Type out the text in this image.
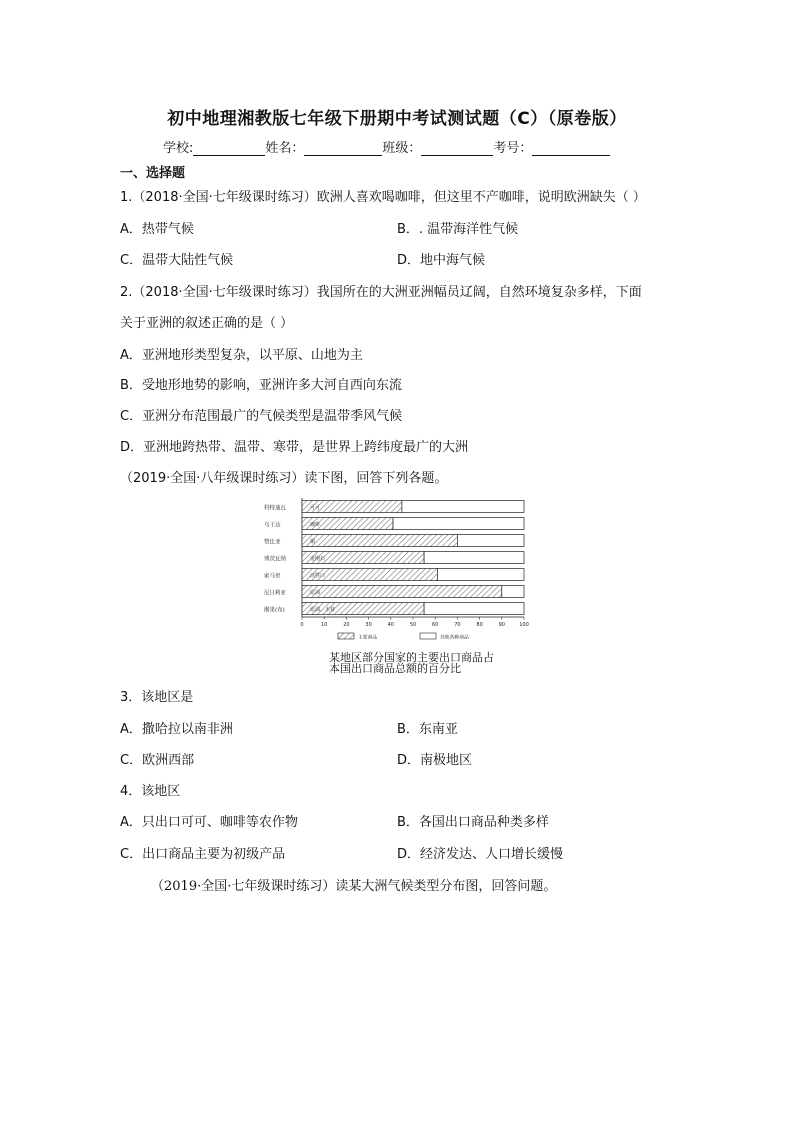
初中地理湘教版七年级下册期中考试测试题（C）（原卷版）
学校:	姓名：	班级：	考号：
一、选择题
1.（2018·全国·七年级课时练习）欧洲人喜欢喝咖啡，但这里不产咖啡，说明欧洲缺失（ ）
A．热带气候	B．. 温带海洋性气候
C．温带大陆性气候	D．地中海气候
2.（2018·全国·七年级课时练习）我国所在的大洲亚洲幅员辽阔，自然环境复杂多样，下面
关于亚洲的叙述正确的是（ ）
A．亚洲地形类型复杂，以平原、山地为主
B．受地形地势的影响，亚洲许多大河自西向东流
C．亚洲分布范围最广的气候类型是温带季风气候
D．亚洲地跨热带、温带、寒带，是世界上跨纬度最广的大洲
（2019·全国·八年级课时练习）读下图，回答下列各题。
科特迪瓦	可可
乌干达	咖啡
赞比亚	铜
博茨瓦纳	金刚石
索马里	活牲口
尼日利亚	原油
刚果(布)	原油、木材
0	10	20	30	40	50	60	70	80	90	100
主要商品	其他各种商品
某地区部分国家的主要出口商品占
本国出口商品总额的百分比
3．该地区是
A．撒哈拉以南非洲	B．东南亚
C．欧洲西部	D．南极地区
4．该地区
A．只出口可可、咖啡等农作物	B．各国出口商品种类多样
C．出口商品主要为初级产品	D．经济发达、人口增长缓慢
（2019·全国·七年级课时练习）读某大洲气候类型分布图，回答问题。
